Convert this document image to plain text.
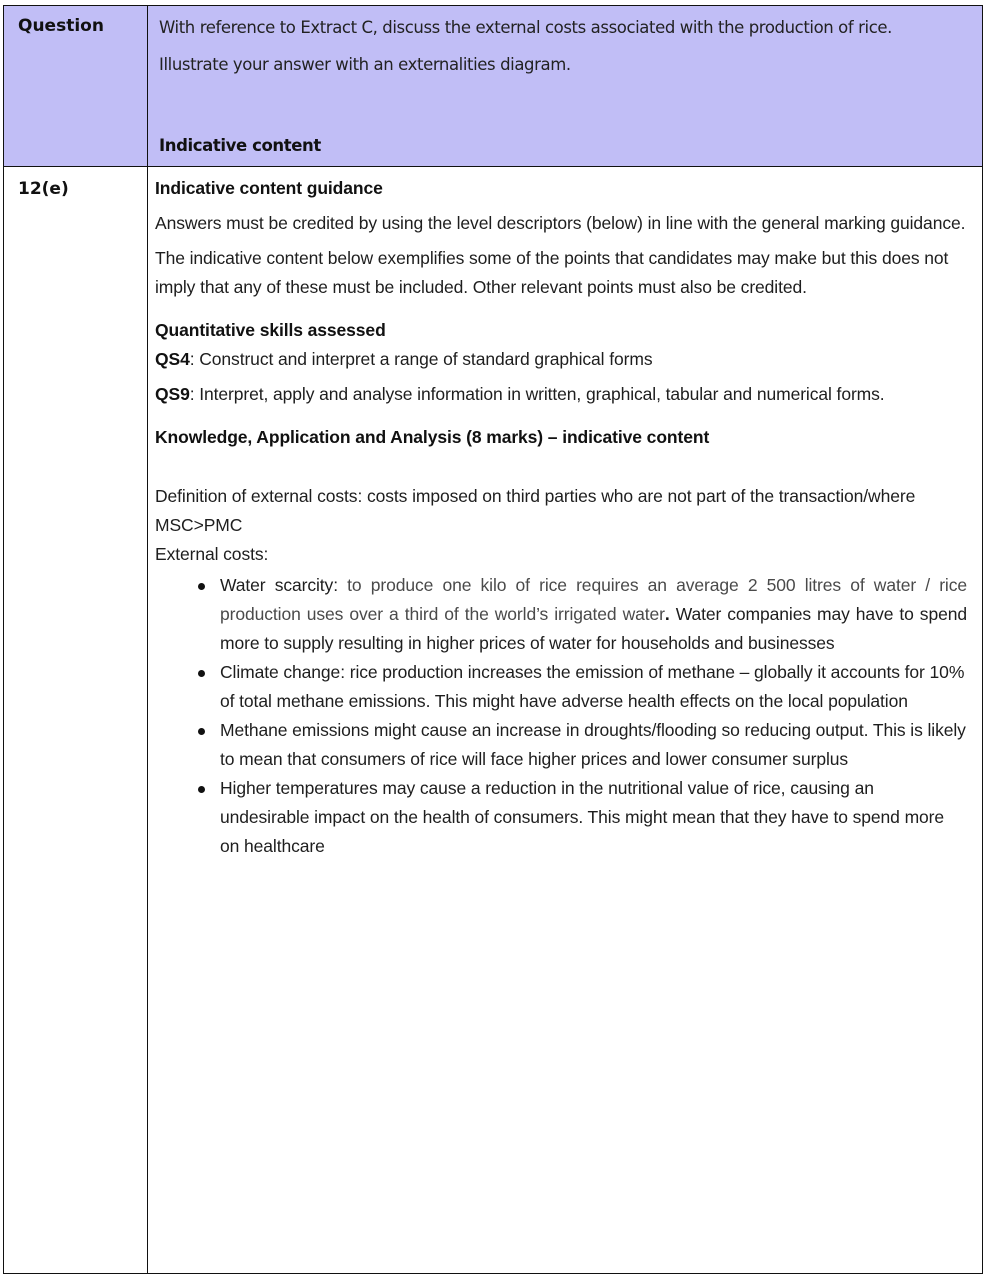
Question	With reference to Extract C, discuss the external costs associated with the production of rice.

Illustrate your answer with an externalities diagram.

Indicative content
12(e)	Indicative content guidance

Answers must be credited by using the level descriptors (below) in line with the general marking guidance.

The indicative content below exemplifies some of the points that candidates may make but this does not imply that any of these must be included. Other relevant points must also be credited.

Quantitative skills assessed

QS4: Construct and interpret a range of standard graphical forms

QS9: Interpret, apply and analyse information in written, graphical, tabular and numerical forms.

Knowledge, Application and Analysis (8 marks) – indicative content

Definition of external costs: costs imposed on third parties who are not part of the transaction/where MSC>PMC

External costs:

Water scarcity: to produce one kilo of rice requires an average 2 500 litres of water / rice production uses over a third of the world’s irrigated water. Water companies may have to spend more to supply resulting in higher prices of water for households and businesses
Climate change: rice production increases the emission of methane – globally it accounts for 10% of total methane emissions. This might have adverse health effects on the local population
Methane emissions might cause an increase in droughts/flooding so reducing output. This is likely to mean that consumers of rice will face higher prices and lower consumer surplus
Higher temperatures may cause a reduction in the nutritional value of rice, causing an undesirable impact on the health of consumers. This might mean that they have to spend more on healthcare
